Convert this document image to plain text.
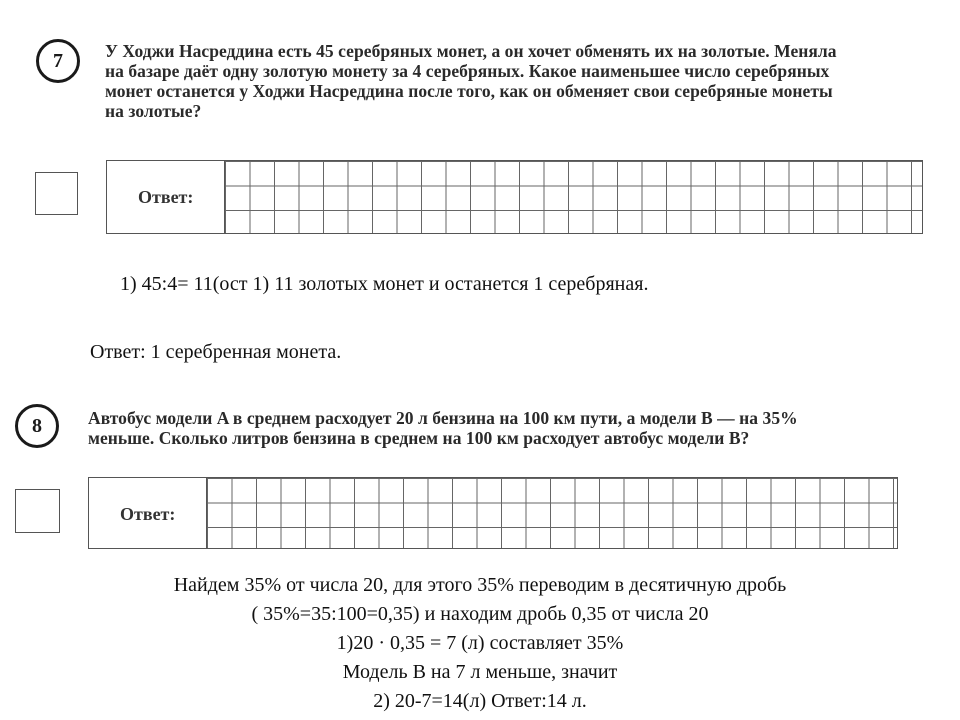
7 У Ходжи Насреддина есть 45 серебряных монет, а он хочет обменять их на золотые. Меняла
на базаре даёт одну золотую монету за 4 серебряных. Какое наименьшее число серебряных
монет останется у Ходжи Насреддина после того, как он обменяет свои серебряные монеты
на золотые?
Ответ:
1) 45:4= 11(ост 1) 11 золотых монет и останется 1 серебряная.
Ответ: 1 серебренная монета.
8	Автобус модели A в среднем расходует 20 л бензина на 100 км пути, а модели B — на 35%
меньше. Сколько литров бензина в среднем на 100 км расходует автобус модели B?
Ответ:
Найдем 35% от числа 20, для этого 35% переводим в десятичную дробь
( 35%=35:100=0,35) и находим дробь 0,35 от числа 20
1)20 · 0,35 = 7 (л) составляет 35%
Модель В на 7 л меньше, значит
2) 20-7=14(л) Ответ:14 л.
